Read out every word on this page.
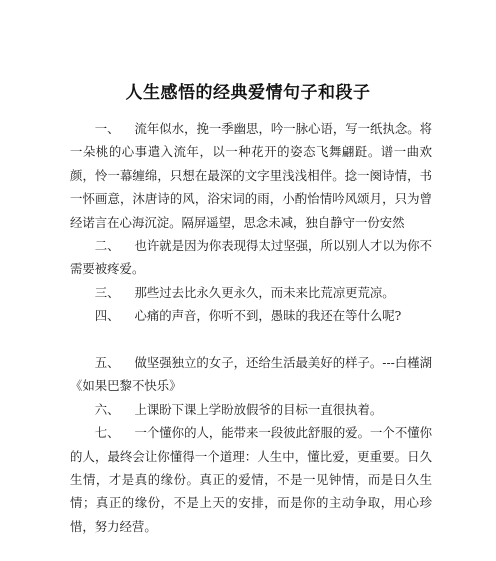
人生感悟的经典爱情句子和段子

一、 流年似水，挽一季幽思，吟一脉心语，写一纸执念。将一朵桃的心事遣入流年，以一种花开的姿态飞舞翩跹。谱一曲欢颜，怜一幕缠绵，只想在最深的文字里浅浅相伴。捻一阕诗情，书一怀画意，沐唐诗的风，浴宋词的雨，小酌怡情吟风颂月，只为曾经诺言在心海沉淀。隔屏遥望，思念未减，独自静守一份安然

二、 也许就是因为你表现得太过坚强，所以别人才以为你不需要被疼爱。

三、 那些过去比永久更永久，而未来比荒凉更荒凉。

四、 心痛的声音，你听不到，愚昧的我还在等什么呢?

五、 做坚强独立的女子，还给生活最美好的样子。---白槿湖《如果巴黎不快乐》

六、 上课盼下课上学盼放假爷的目标一直很执着。

七、 一个懂你的人，能带来一段彼此舒服的爱。一个不懂你的人，最终会让你懂得一个道理：人生中，懂比爱，更重要。日久生情，才是真的缘份。真正的爱情，不是一见钟情，而是日久生情；真正的缘份，不是上天的安排，而是你的主动争取，用心珍惜，努力经营。
